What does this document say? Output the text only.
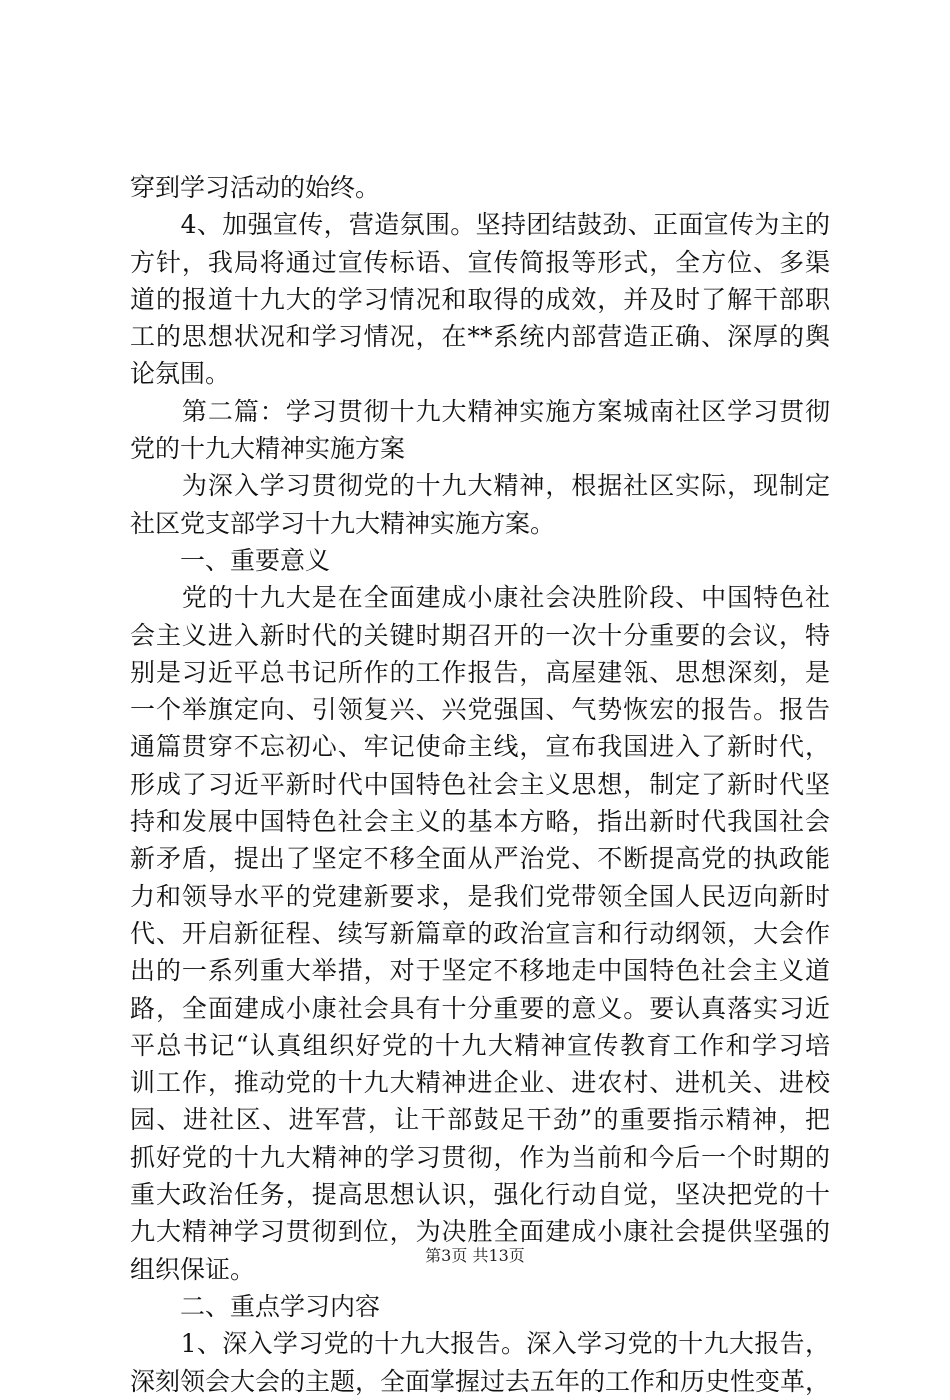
穿到学习活动的始终。
　　4、加强宣传，营造氛围。坚持团结鼓劲、正面宣传为主的
方针，我局将通过宣传标语、宣传简报等形式，全方位、多渠
道的报道十九大的学习情况和取得的成效，并及时了解干部职
工的思想状况和学习情况，在**系统内部营造正确、深厚的舆
论氛围。
　　第二篇：学习贯彻十九大精神实施方案城南社区学习贯彻
党的十九大精神实施方案
　　为深入学习贯彻党的十九大精神，根据社区实际，现制定
社区党支部学习十九大精神实施方案。
　　一、重要意义
　　党的十九大是在全面建成小康社会决胜阶段、中国特色社
会主义进入新时代的关键时期召开的一次十分重要的会议，特
别是习近平总书记所作的工作报告，高屋建瓴、思想深刻，是
一个举旗定向、引领复兴、兴党强国、气势恢宏的报告。报告
通篇贯穿不忘初心、牢记使命主线，宣布我国进入了新时代，
形成了习近平新时代中国特色社会主义思想，制定了新时代坚
持和发展中国特色社会主义的基本方略，指出新时代我国社会
新矛盾，提出了坚定不移全面从严治党、不断提高党的执政能
力和领导水平的党建新要求，是我们党带领全国人民迈向新时
代、开启新征程、续写新篇章的政治宣言和行动纲领，大会作
出的一系列重大举措，对于坚定不移地走中国特色社会主义道
路，全面建成小康社会具有十分重要的意义。要认真落实习近
平总书记“认真组织好党的十九大精神宣传教育工作和学习培
训工作，推动党的十九大精神进企业、进农村、进机关、进校
园、进社区、进军营，让干部鼓足干劲”的重要指示精神，把
抓好党的十九大精神的学习贯彻，作为当前和今后一个时期的
重大政治任务，提高思想认识，强化行动自觉，坚决把党的十
九大精神学习贯彻到位，为决胜全面建成小康社会提供坚强的
组织保证。
　　二、重点学习内容
　　1、深入学习党的十九大报告。深入学习党的十九大报告，
深刻领会大会的主题，全面掌握过去五年的工作和历史性变革，
第3页 共13页
